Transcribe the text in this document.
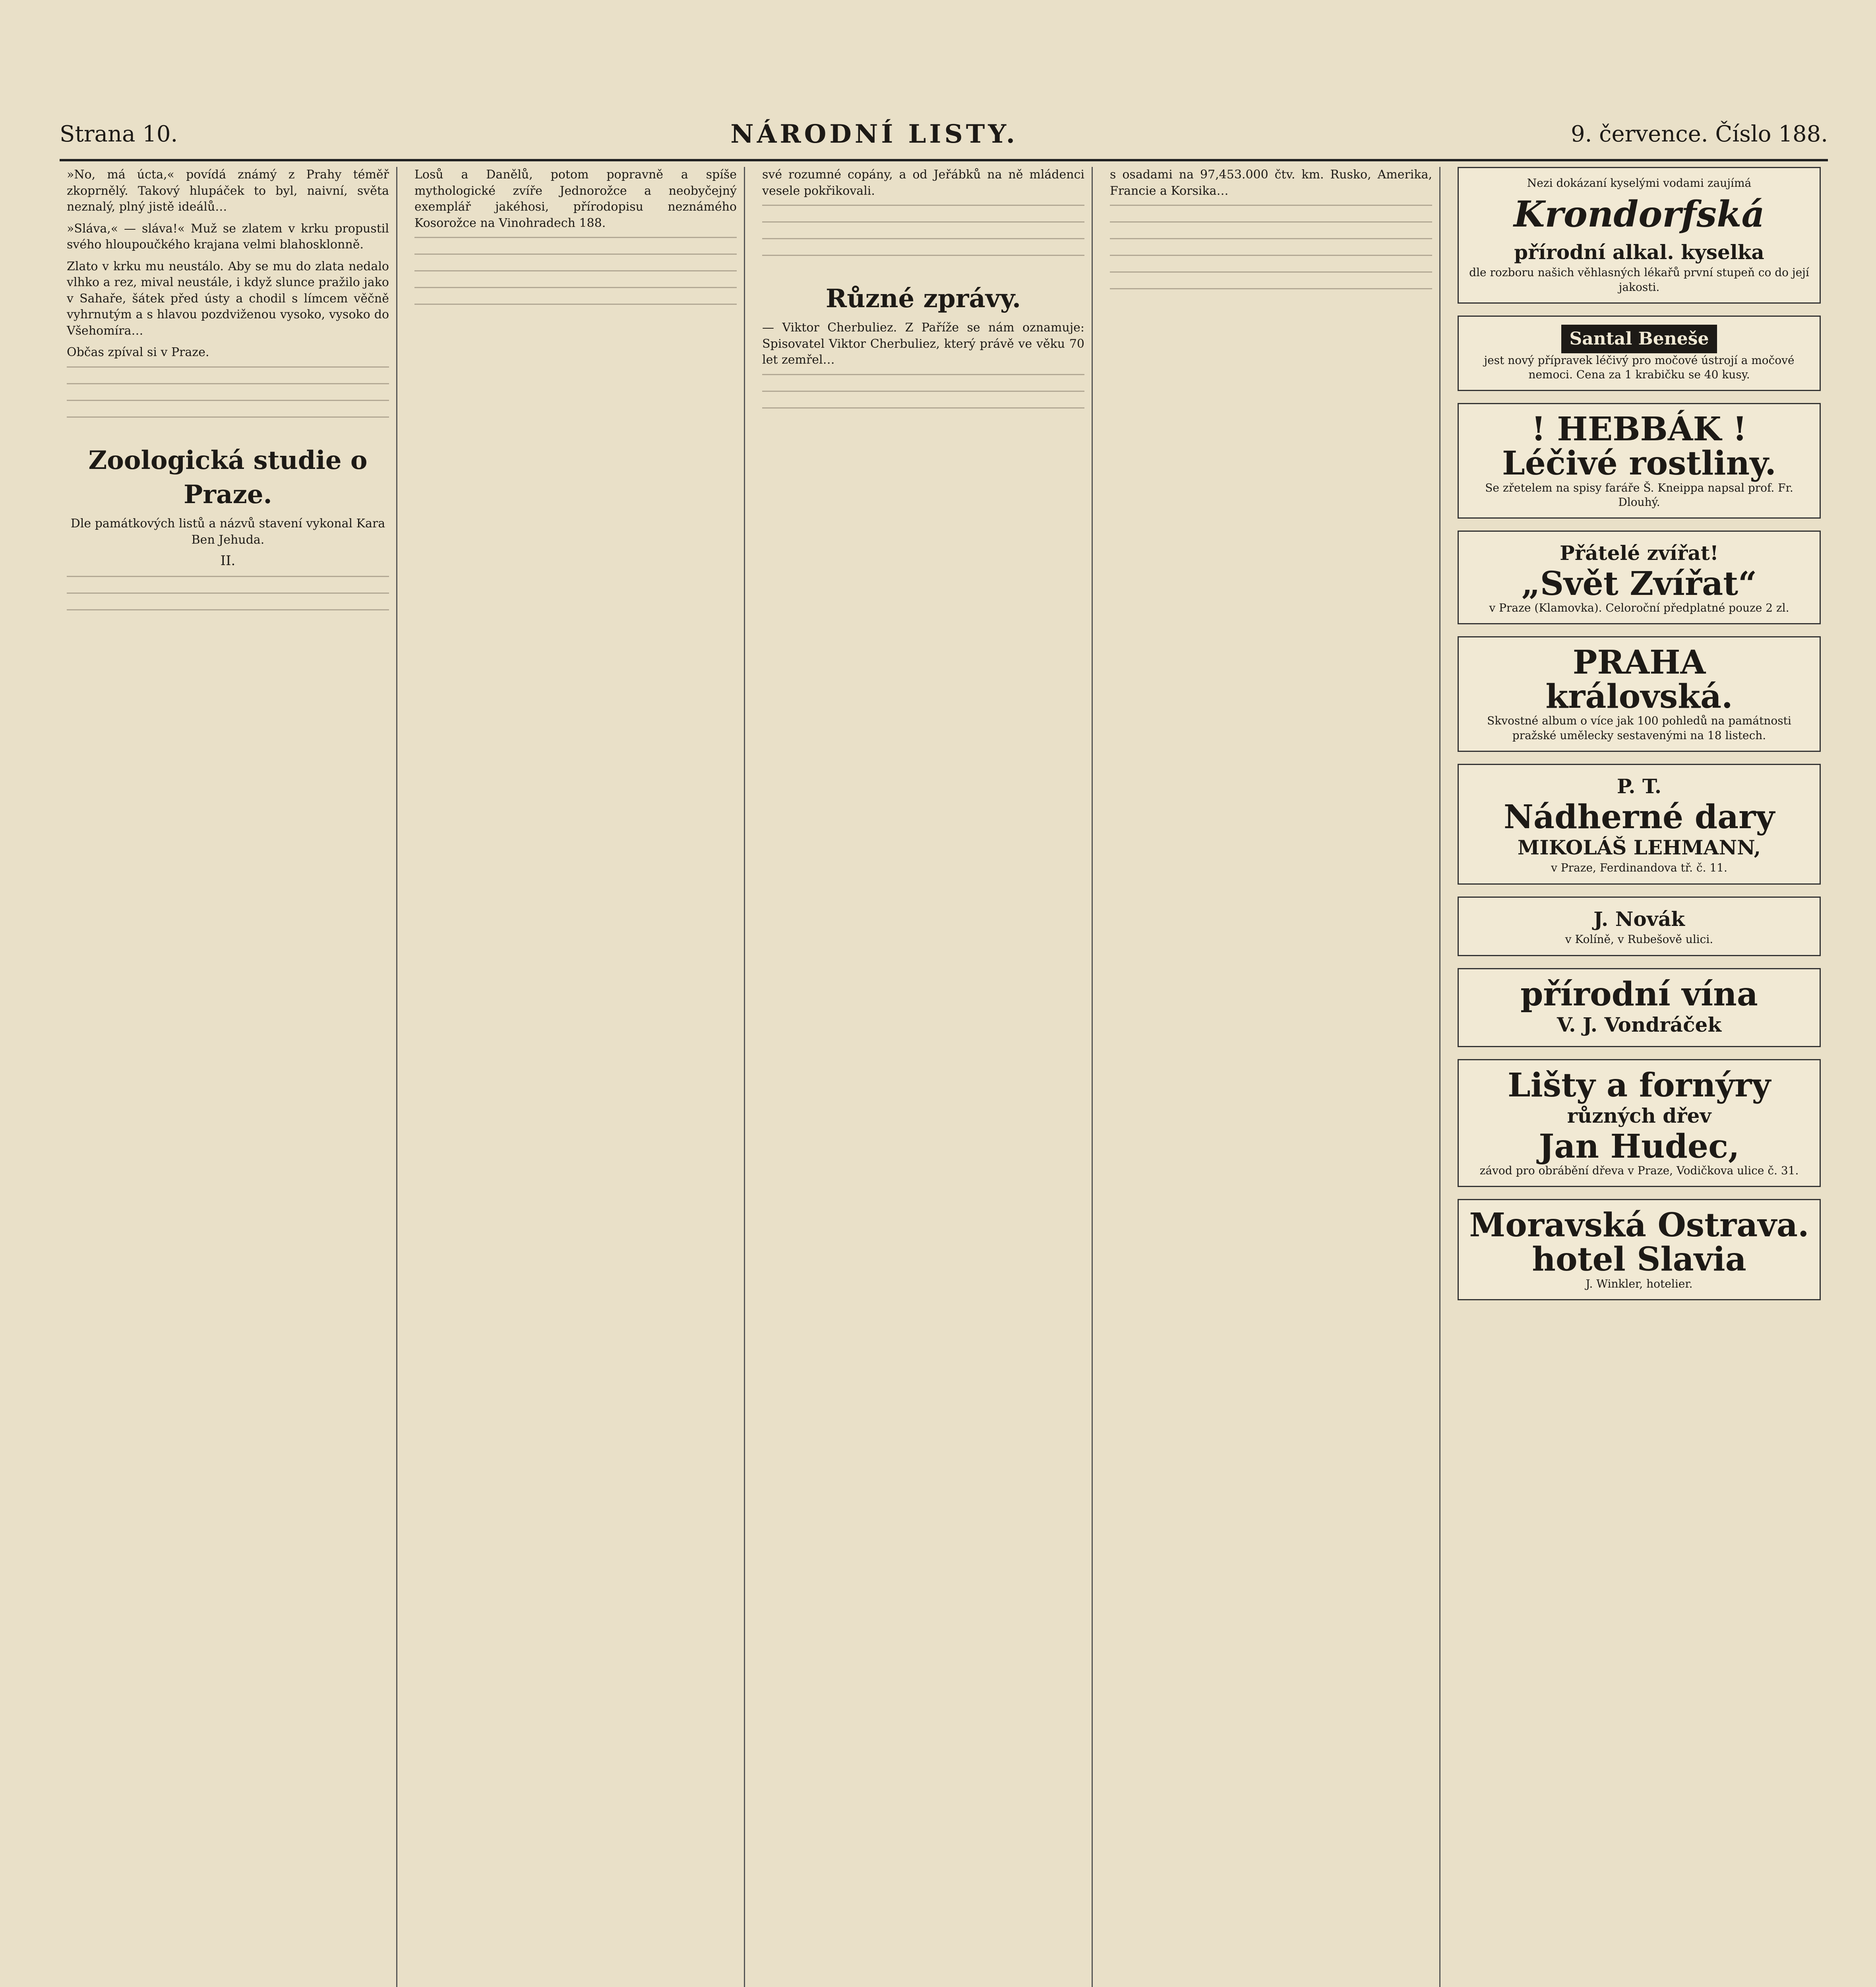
Strana 10.	NÁRODNÍ LISTY.	9. července. Číslo 188.

»No, má úcta,« povídá známý z Prahy téměř zkoprnělý. Takový hlupáček to byl, naivní, světa neznalý, plný jistě ideálů…

»Sláva,« — sláva!« Muž se zlatem v krku propustil svého hloupoučkého krajana velmi blahosklonně.

Zlato v krku mu neustálo. Aby se mu do zlata nedalo vlhko a rez, mival neustále, i když slunce pražilo jako v Sahaře, šátek před ústy a chodil s límcem věčně vyhrnutým a s hlavou pozdviženou vysoko, vysoko do Všehomíra…

Občas zpíval si v Praze.

Zoologická studie o Praze.
Dle památkových listů a názvů stavení vykonal Kara Ben Jehuda.
II.

Losů a Danělů, potom popravně a spíše mythologické zvíře Jednorožce a neobyčejný exemplář jakéhosi, přírodopisu neznámého Kosorožce na Vinohradech 188.

své rozumné copány, a od Jeřábků na ně mládenci vesele pokřikovali.

Různé zprávy.

— Viktor Cherbuliez. Z Paříže se nám oznamuje: Spisovatel Viktor Cherbuliez, který právě ve věku 70 let zemřel…

s osadami na 97,453.000 čtv. km. Rusko, Amerika, Francie a Korsika…

Nezi dokázaní kyselými vodami zaujímá
Krondorfská
přírodní alkal. kyselka
dle rozboru našich věhlasných lékařů první stupeň co do její jakosti.
Santal Beneše
jest nový přípravek léčivý pro močové ústrojí a močové nemoci. Cena za 1 krabičku se 40 kusy.
! HEBBÁK !
Léčivé rostliny.
Se zřetelem na spisy faráře Š. Kneippa napsal prof. Fr. Dlouhý.
Přátelé zvířat!
„Svět Zvířat“
v Praze (Klamovka). Celoroční předplatné pouze 2 zl.
PRAHA
královská.
Skvostné album o více jak 100 pohledů na památnosti pražské umělecky sestavenými na 18 listech.
P. T.
Nádherné dary
MIKOLÁŠ LEHMANN,
v Praze, Ferdinandova tř. č. 11.
J. Novák
v Kolíně, v Rubešově ulici.
přírodní vína
V. J. Vondráček
Lišty a fornýry
různých dřev
Jan Hudec,
závod pro obrábění dřeva v Praze, Vodičkova ulice č. 31.
Moravská Ostrava.
hotel Slavia
J. Winkler, hotelier.
